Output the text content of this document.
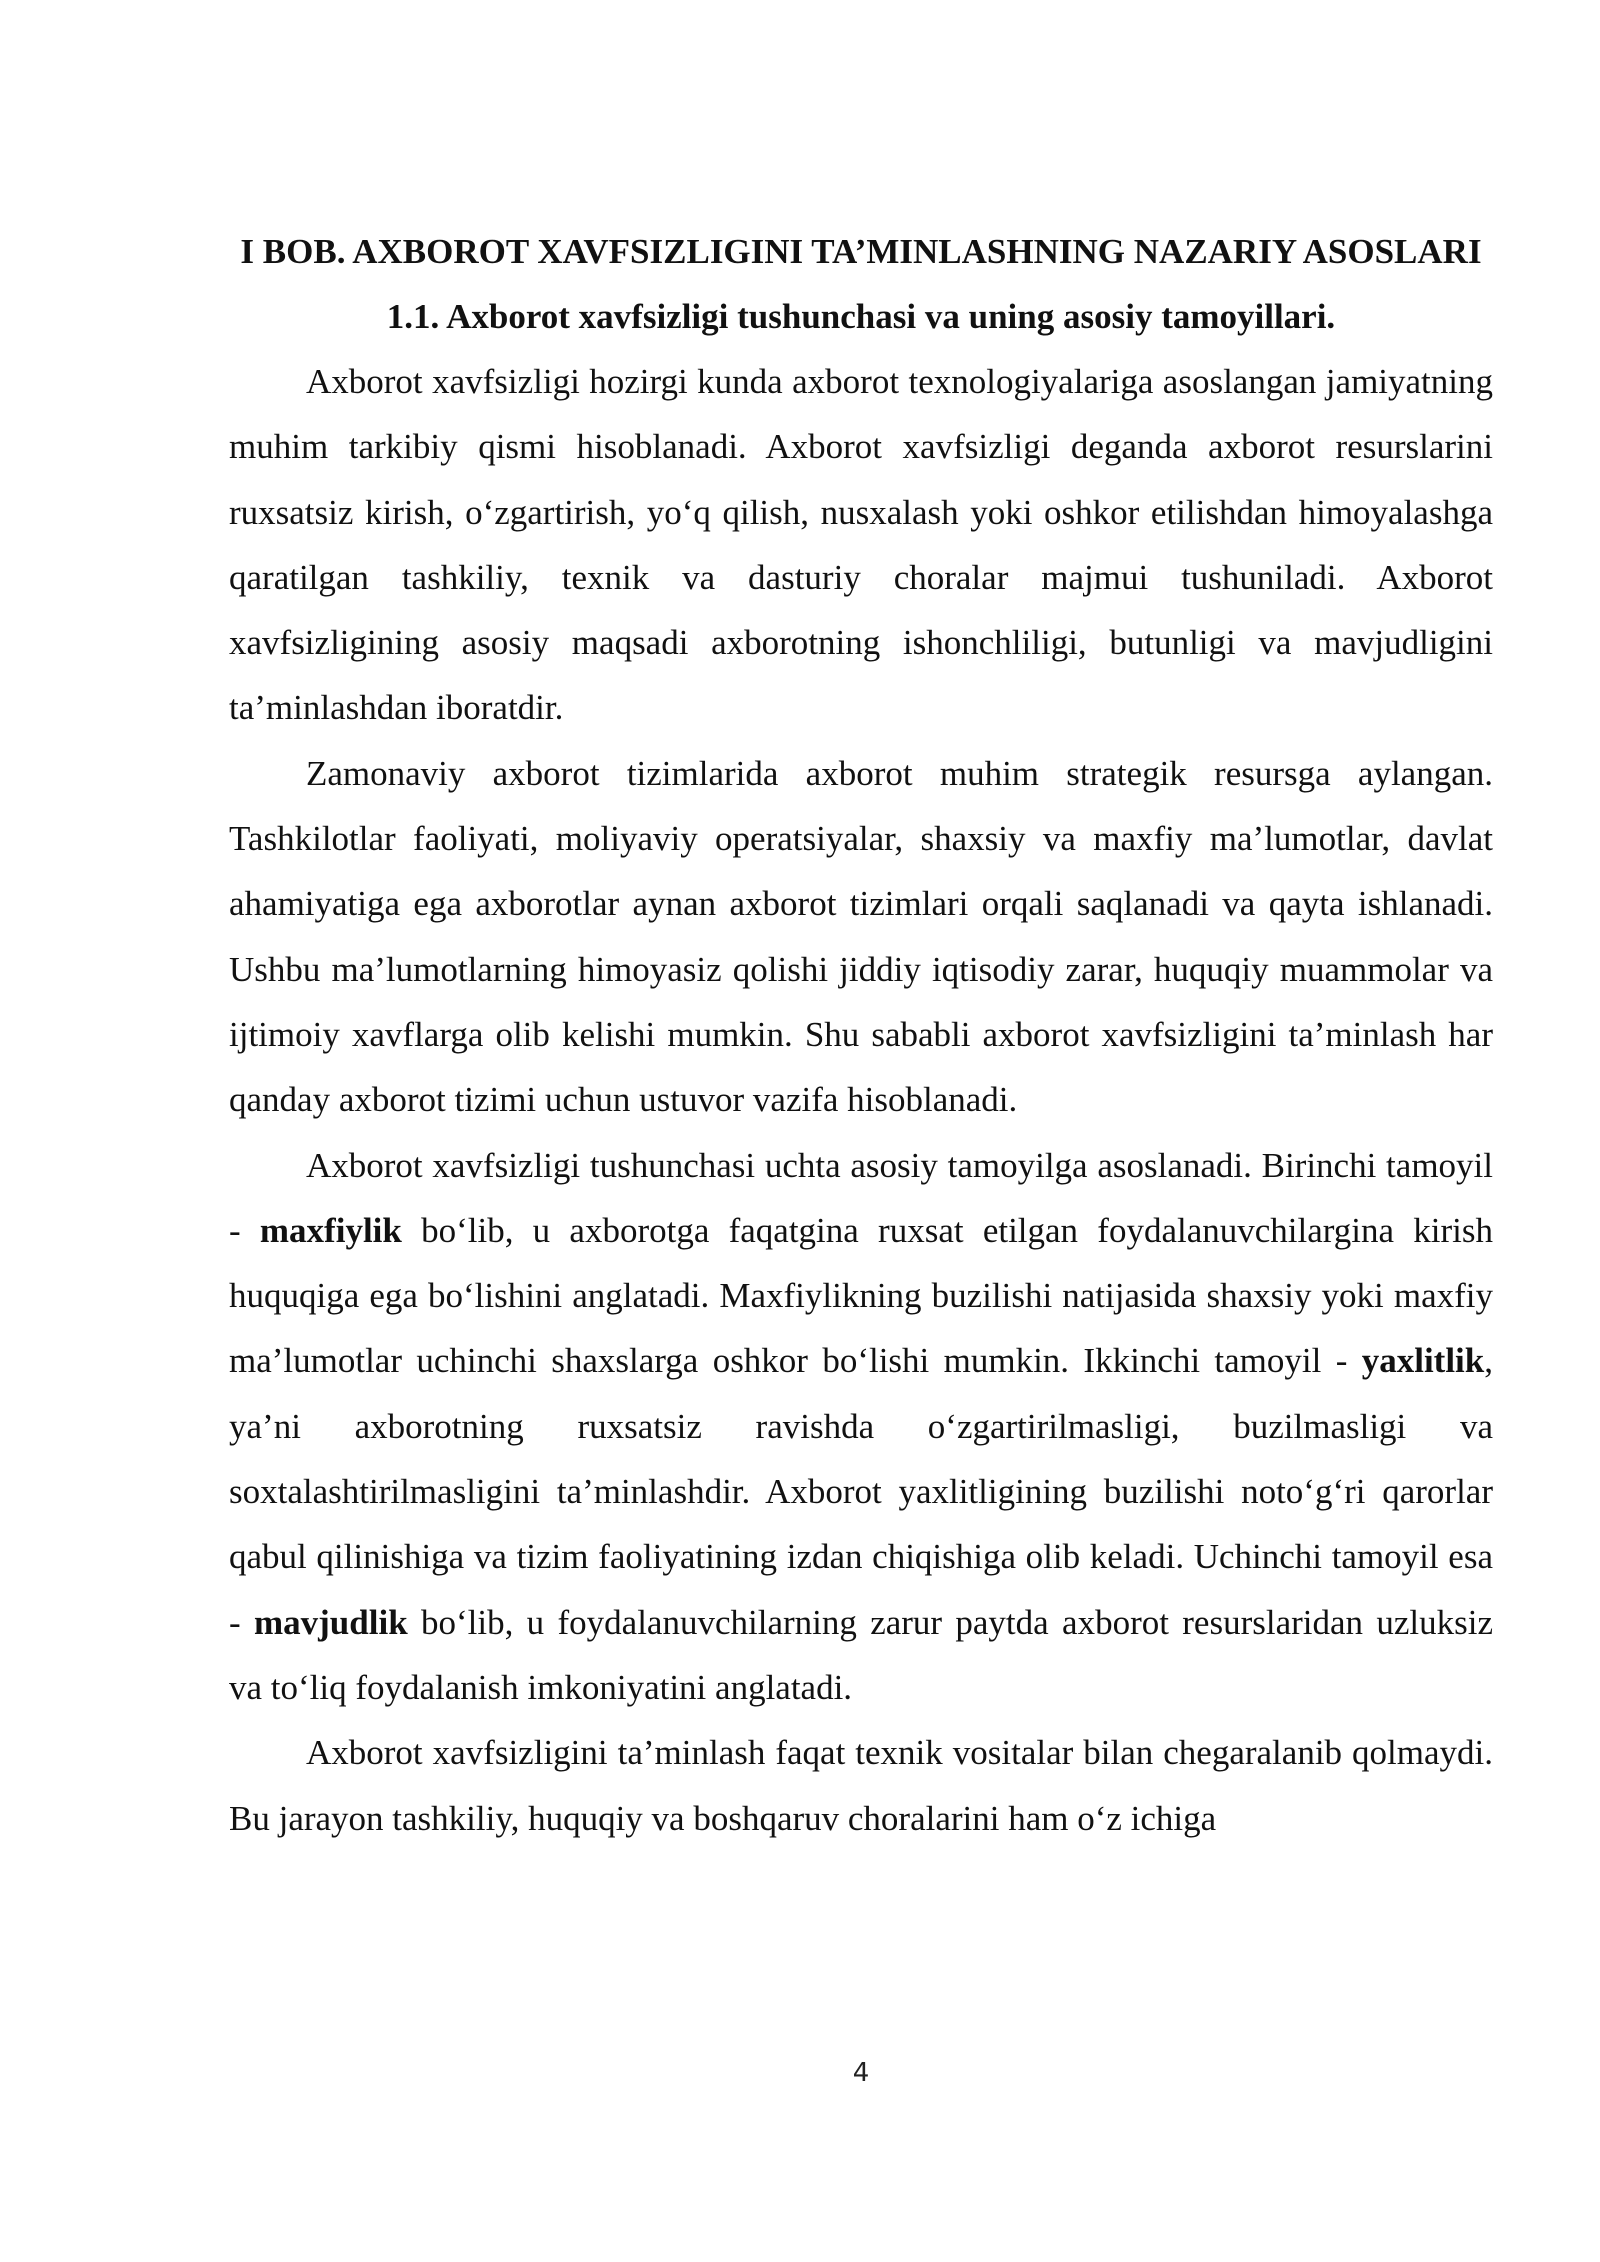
I BOB. AXBOROT XAVFSIZLIGINI TA’MINLASHNING NAZARIY ASOSLARI
1.1. Axborot xavfsizligi tushunchasi va uning asosiy tamoyillari.

Axborot xavfsizligi hozirgi kunda axborot texnologiyalariga asoslangan jamiyatning muhim tarkibiy qismi hisoblanadi. Axborot xavfsizligi deganda axborot resurslarini ruxsatsiz kirish, o‘zgartirish, yo‘q qilish, nusxalash yoki oshkor etilishdan himoyalashga qaratilgan tashkiliy, texnik va dasturiy choralar majmui tushuniladi. Axborot xavfsizligining asosiy maqsadi axborotning ishonchliligi, butunligi va mavjudligini ta’minlashdan iboratdir.

Zamonaviy axborot tizimlarida axborot muhim strategik resursga aylangan. Tashkilotlar faoliyati, moliyaviy operatsiyalar, shaxsiy va maxfiy ma’lumotlar, davlat ahamiyatiga ega axborotlar aynan axborot tizimlari orqali saqlanadi va qayta ishlanadi. Ushbu ma’lumotlarning himoyasiz qolishi jiddiy iqtisodiy zarar, huquqiy muammolar va ijtimoiy xavflarga olib kelishi mumkin. Shu sababli axborot xavfsizligini ta’minlash har qanday axborot tizimi uchun ustuvor vazifa hisoblanadi.

Axborot xavfsizligi tushunchasi uchta asosiy tamoyilga asoslanadi. Birinchi tamoyil - maxfiylik bo‘lib, u axborotga faqatgina ruxsat etilgan foydalanuvchilargina kirish huquqiga ega bo‘lishini anglatadi. Maxfiylikning buzilishi natijasida shaxsiy yoki maxfiy ma’lumotlar uchinchi shaxslarga oshkor bo‘lishi mumkin. Ikkinchi tamoyil - yaxlitlik, ya’ni axborotning ruxsatsiz ravishda o‘zgartirilmasligi, buzilmasligi va soxtalashtirilmasligini ta’minlashdir. Axborot yaxlitligining buzilishi noto‘g‘ri qarorlar qabul qilinishiga va tizim faoliyatining izdan chiqishiga olib keladi. Uchinchi tamoyil esa - mavjudlik bo‘lib, u foydalanuvchilarning zarur paytda axborot resurslaridan uzluksiz va to‘liq foydalanish imkoniyatini anglatadi.

Axborot xavfsizligini ta’minlash faqat texnik vositalar bilan chegaralanib qolmaydi. Bu jarayon tashkiliy, huquqiy va boshqaruv choralarini ham o‘z ichiga

4
